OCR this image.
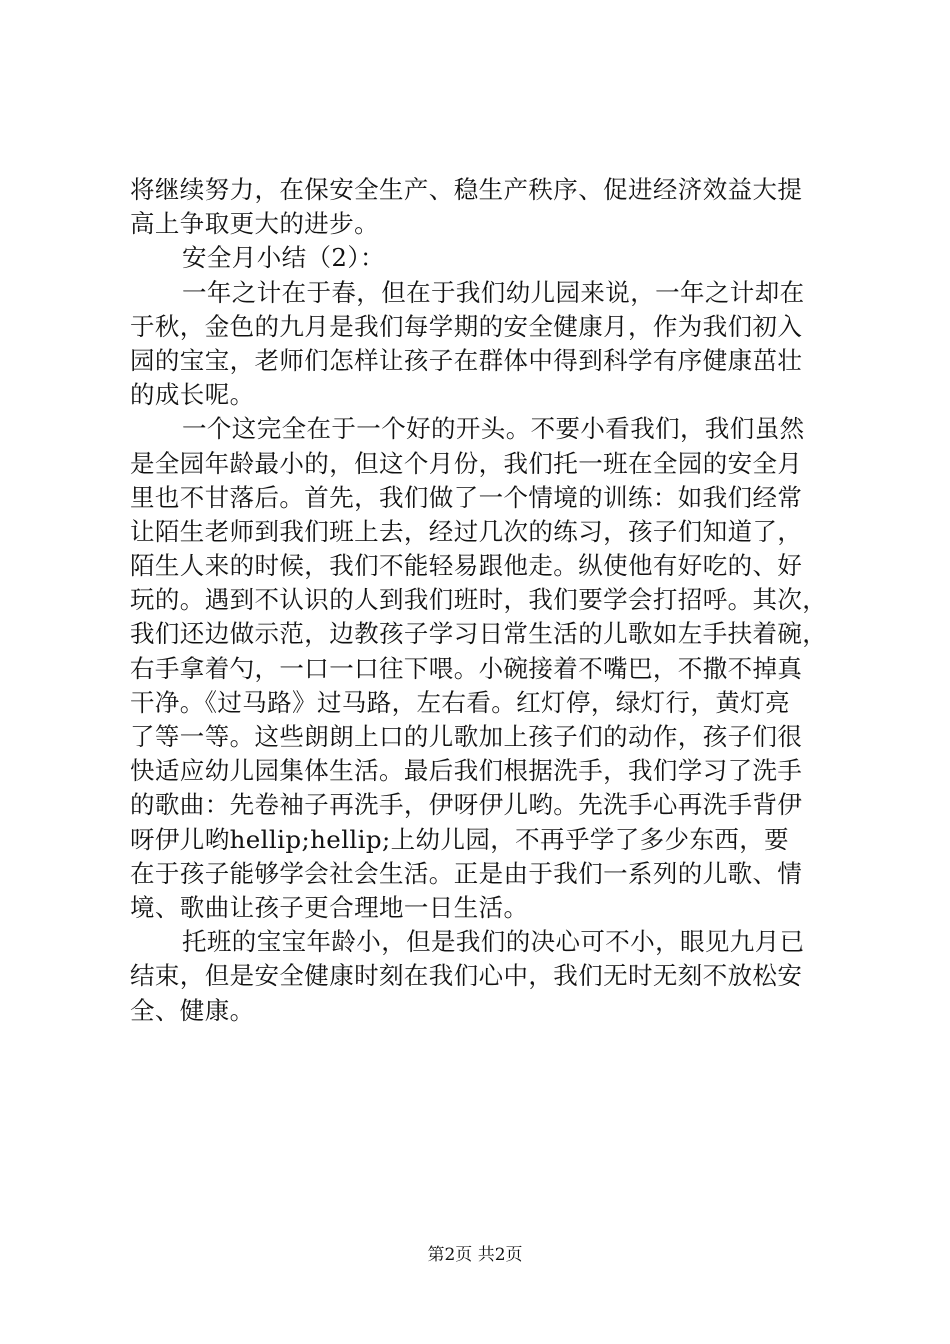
将继续努力，在保安全生产、稳生产秩序、促进经济效益大提
高上争取更大的进步。
安全月小结（2）：
一年之计在于春，但在于我们幼儿园来说，一年之计却在
于秋，金色的九月是我们每学期的安全健康月，作为我们初入
园的宝宝，老师们怎样让孩子在群体中得到科学有序健康茁壮
的成长呢。
一个这完全在于一个好的开头。不要小看我们，我们虽然
是全园年龄最小的，但这个月份，我们托一班在全园的安全月
里也不甘落后。首先，我们做了一个情境的训练：如我们经常
让陌生老师到我们班上去，经过几次的练习，孩子们知道了，
陌生人来的时候，我们不能轻易跟他走。纵使他有好吃的、好
玩的。遇到不认识的人到我们班时，我们要学会打招呼。其次，
我们还边做示范，边教孩子学习日常生活的儿歌如左手扶着碗，
右手拿着勺，一口一口往下喂。小碗接着不嘴巴，不撒不掉真
干净。《过马路》过马路，左右看。红灯停，绿灯行，黄灯亮
了等一等。这些朗朗上口的儿歌加上孩子们的动作，孩子们很
快适应幼儿园集体生活。最后我们根据洗手，我们学习了洗手
的歌曲：先卷袖子再洗手，伊呀伊儿哟。先洗手心再洗手背伊
呀伊儿哟hellip;hellip;上幼儿园，不再乎学了多少东西，要
在于孩子能够学会社会生活。正是由于我们一系列的儿歌、情
境、歌曲让孩子更合理地一日生活。
托班的宝宝年龄小，但是我们的决心可不小，眼见九月已
结束，但是安全健康时刻在我们心中，我们无时无刻不放松安
全、健康。
第2页 共2页
